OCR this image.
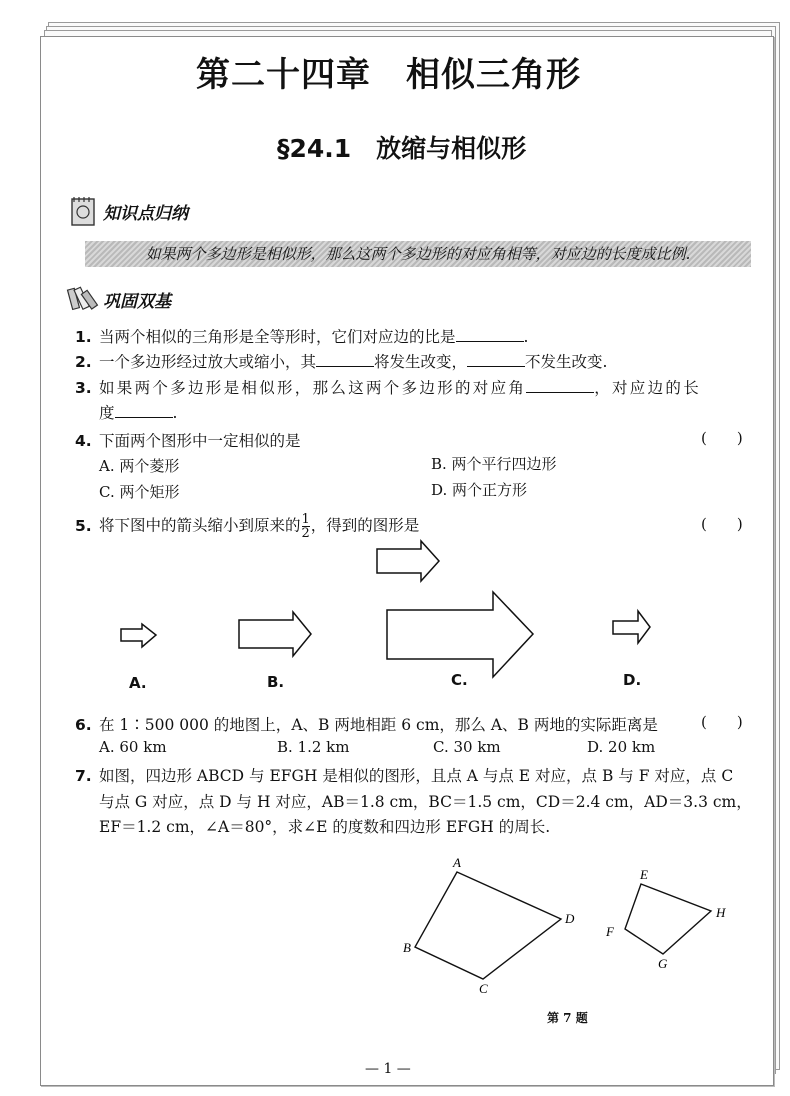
第二十四章　相似三角形
§24.1　放缩与相似形
知识点归纳
如果两个多边形是相似形，那么这两个多边形的对应角相等，对应边的长度成比例.
巩固双基
1. 当两个相似的三角形是全等形时，它们对应边的比是	.
2. 一个多边形经过放大或缩小，其	将发生改变，	不发生改变.
3. 如果两个多边形是相似形，那么这两个多边形的对应角	，对应边的长
度	.
4. 下面两个图形中一定相似的是	(　　)
A. 两个菱形	B. 两个平行四边形
C. 两个矩形	D. 两个正方形
5. 将下图中的箭头缩小到原来的 $\frac{1}{2}$ ，得到的图形是	(　　)
A.	B.	C.	D.
6. 在 1∶500 000 的地图上，A、B 两地相距 6 cm，那么 A、B 两地的实际距离是	(　　)
A. 60 km	B. 1.2 km	C. 30 km	D. 20 km
7. 如图，四边形 ABCD 与 EFGH 是相似的图形，且点 A 与点 E 对应，点 B 与 F 对应，点 C
与点 G 对应，点 D 与 H 对应，AB＝1.8 cm，BC＝1.5 cm，CD＝2.4 cm，AD＝3.3 cm，
EF＝1.2 cm，∠A＝80°，求∠E 的度数和四边形 EFGH 的周长.
A
B
C
D
E
F
G
H
第 7 题
— 1 —
